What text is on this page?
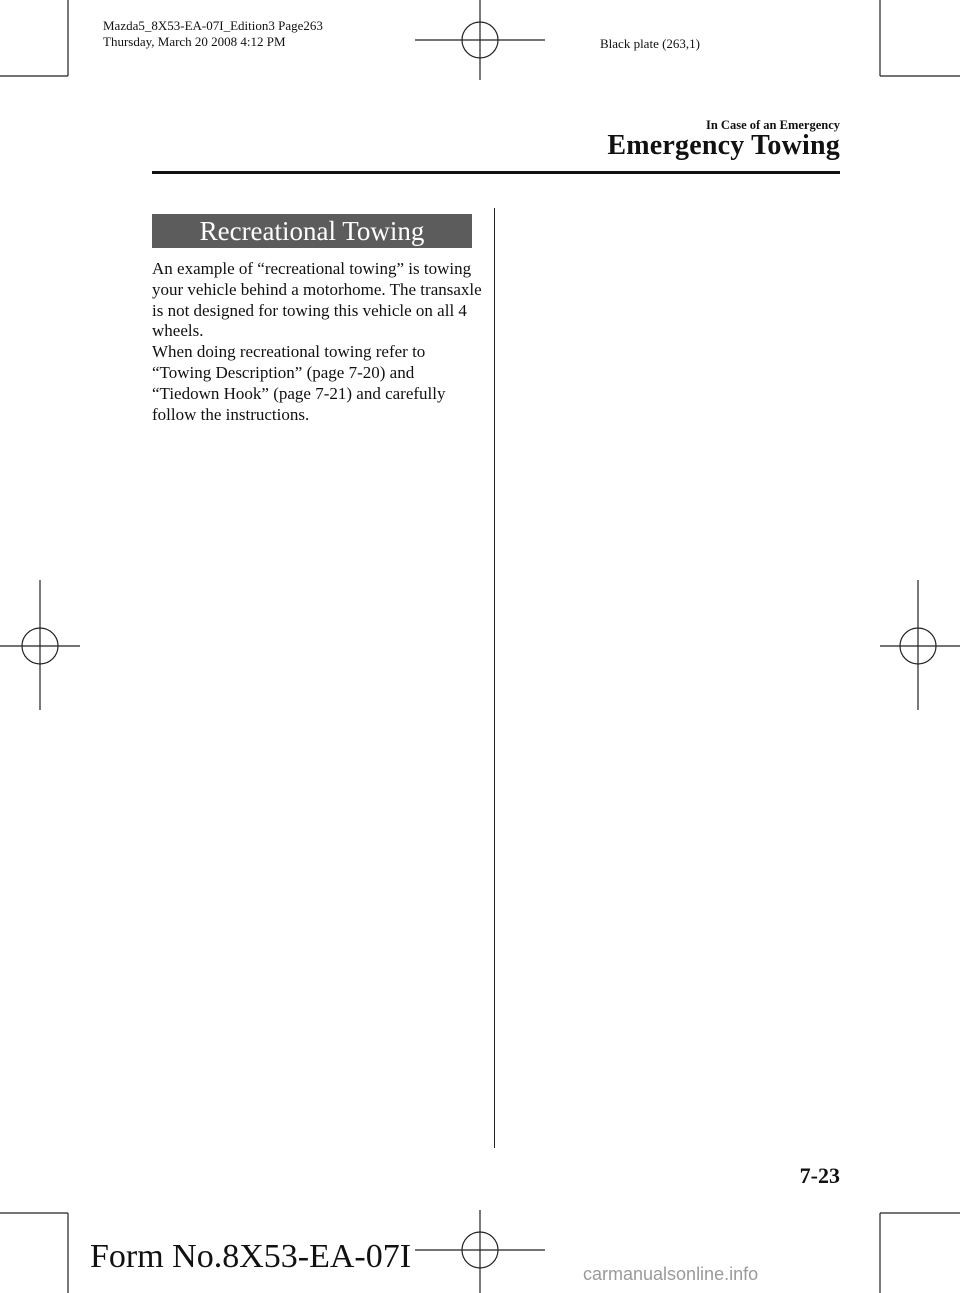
Mazda5_8X53-EA-07I_Edition3 Page263
Thursday, March 20 2008 4:12 PM	Black plate (263,1)
In Case of an Emergency
Emergency Towing
Recreational Towing

An example of “recreational towing” is towing your vehicle behind a motorhome. The transaxle is not designed for towing this vehicle on all 4 wheels.

When doing recreational towing refer to “Towing Description” (page 7-20) and “Tiedown Hook” (page 7-21) and carefully follow the instructions.

7-23
Form No.8X53-EA-07I	carmanualsonline.info
